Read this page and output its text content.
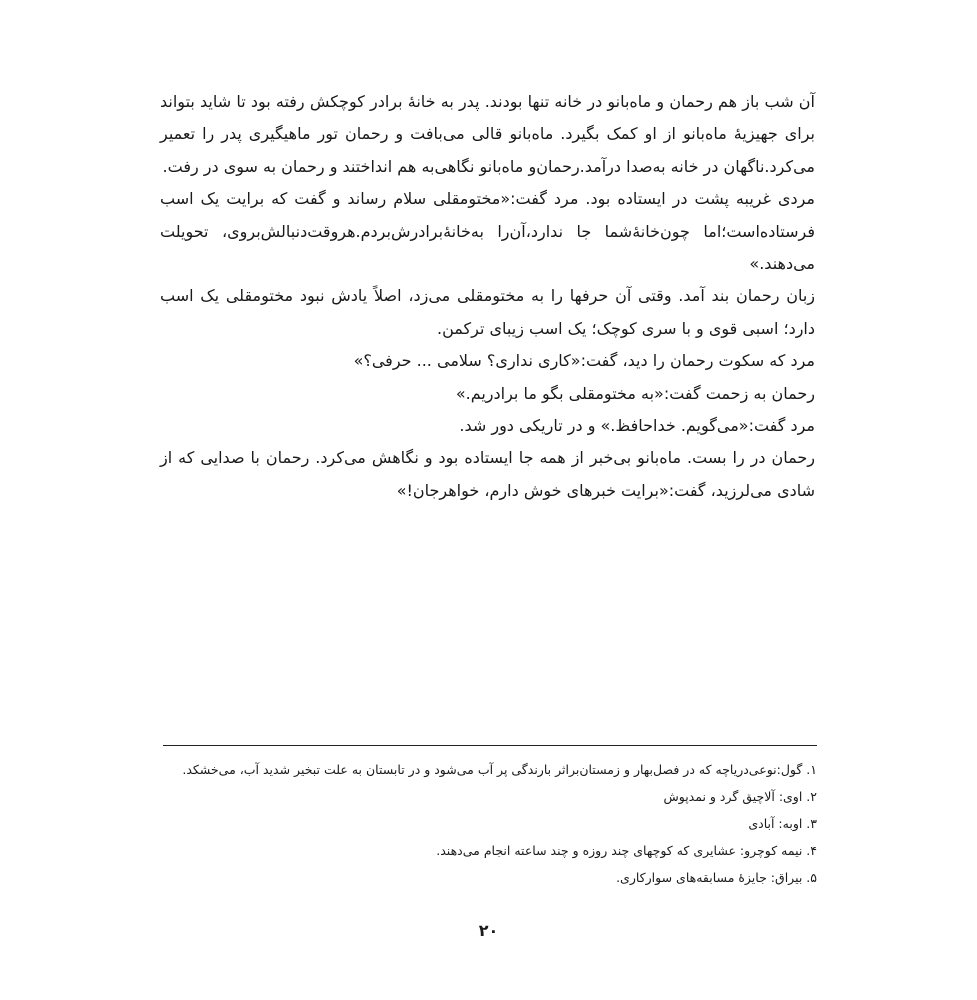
آن شب باز هم رحمان و ماه‌بانو در خانه تنها بودند. پدر به خانهٔ برادر کوچکش رفته بود تا شاید بتواند برای جهیزیهٔ ماه‌بانو از او کمک بگیرد. ماه‌بانو قالی می‌بافت و رحمان تور ماهیگیری پدر را تعمیر می‌کرد.ناگهان در خانه به‌صدا درآمد.رحمان‌و ماه‌بانو نگاهی‌به هم انداختند و رحمان به سوی در رفت.

مردی غریبه پشت در ایستاده بود. مرد گفت:«مختومقلی سلام رساند و گفت که برایت یک اسب فرستاده‌است؛اما چون‌خانهٔ‌شما جا ندارد،آن‌را به‌خانهٔ‌برادرش‌بردم.هروقت‌دنبالش‌بروی، تحویلت می‌دهند.»

زبان رحمان بند آمد. وقتی آن حرفها را به مختومقلی می‌زد، اصلاً یادش نبود مختومقلی یک اسب دارد؛ اسبی قوی و با سری کوچک؛ یک اسب زیبای ترکمن.

مرد که سکوت رحمان را دید، گفت:«کاری نداری؟ سلامی ... حرفی؟»

رحمان به زحمت گفت:«به مختومقلی بگو ما برادریم.»

مرد گفت:«می‌گویم. خداحافظ.» و در تاریکی دور شد.

رحمان در را بست. ماه‌بانو بی‌خبر از همه جا ایستاده بود و نگاهش می‌کرد. رحمان با صدایی که از شادی می‌لرزید، گفت:«برایت خبرهای خوش دارم، خواهرجان!»

۱. گول:نوعی‌دریاچه که در فصل‌بهار و زمستان‌براثر بارندگی پر آب می‌شود و در تابستان به علت تبخیر شدید آب، می‌خشکد.

۲. اوی: آلاچیق گرد و نمدپوش

۳. اوبه: آبادی

۴. نیمه کوچرو: عشایری که کوچهای چند روزه و چند ساعته انجام می‌دهند.

۵. بیراق: جایزهٔ مسابقه‌های سوارکاری.

۲۰
